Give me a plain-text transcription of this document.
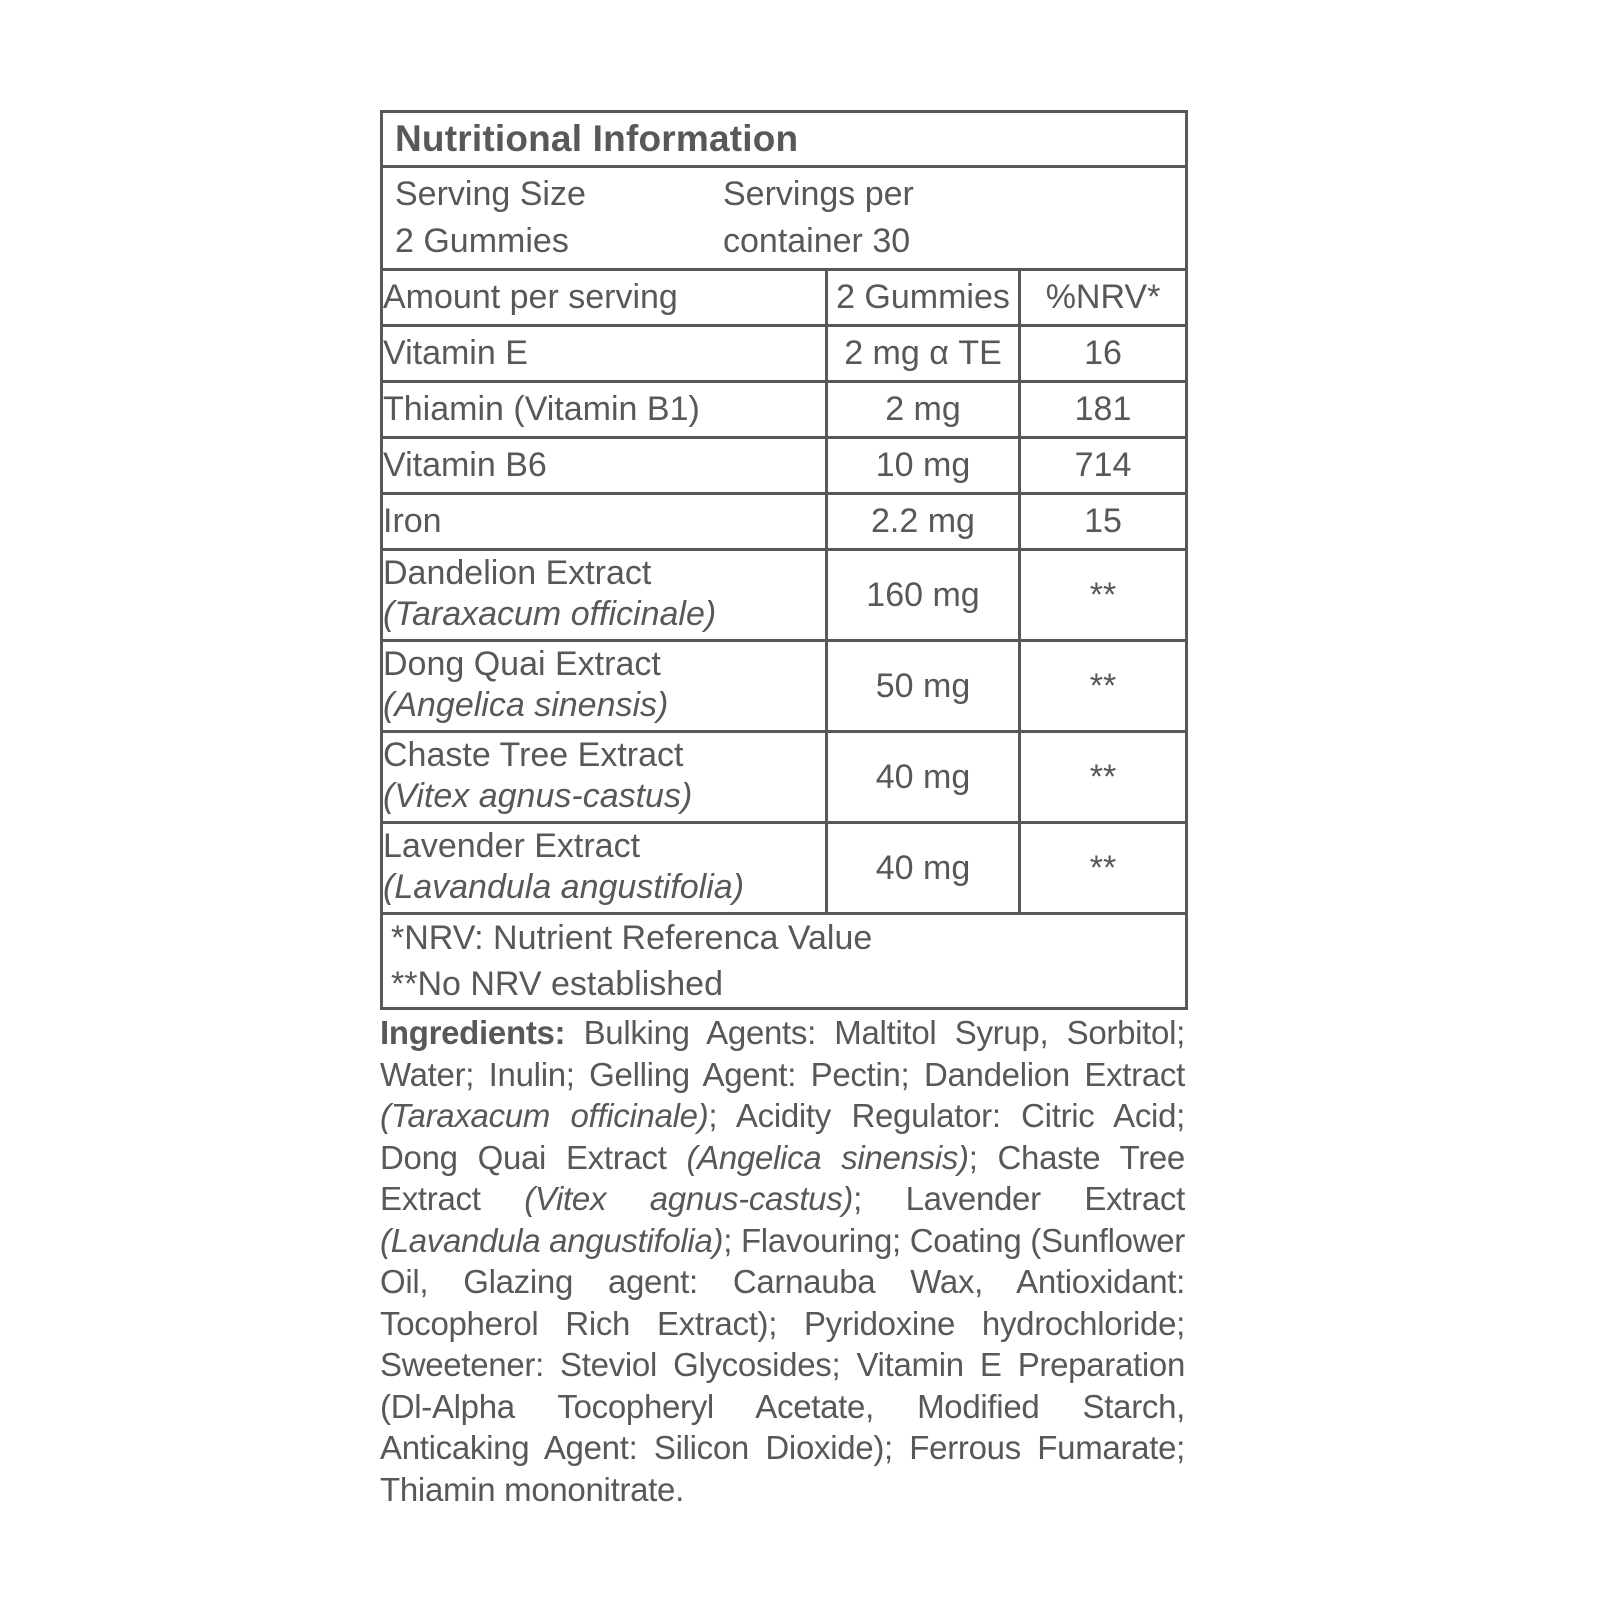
Nutritional Information		

Serving Size
2 Gummies
Servings per
container 30		

Amount per serving	2 Gummies	%NRV*
Vitamin E	2 mg α TE	16
Thiamin (Vitamin B1)	2 mg	181
Vitamin B6	10 mg	714
Iron	2.2 mg	15

Dandelion Extract
(Taraxacum officinale)	160 mg	**

Dong Quai Extract
(Angelica sinensis)	50 mg	**

Chaste Tree Extract
(Vitex agnus-castus)	40 mg	**

Lavender Extract
(Lavandula angustifolia)	40 mg	**

*NRV: Nutrient Referenca Value
**No NRV established		

Ingredients: Bulking Agents: Maltitol Syrup, Sorbitol; Water; Inulin; Gelling Agent: Pectin; Dandelion Extract (Taraxacum officinale); Acidity Regulator: Citric Acid; Dong Quai Extract (Angelica sinensis); Chaste Tree Extract (Vitex agnus-castus); Lavender Extract (Lavandula angustifolia); Flavouring; Coating (Sunflower Oil, Glazing agent: Carnauba Wax, Antioxidant: Tocopherol Rich Extract); Pyridoxine hydrochloride; Sweetener: Steviol Glycosides; Vitamin E Preparation (Dl-Alpha Tocopheryl Acetate, Modified Starch, Anticaking Agent: Silicon Dioxide); Ferrous Fumarate; Thiamin mononitrate.
